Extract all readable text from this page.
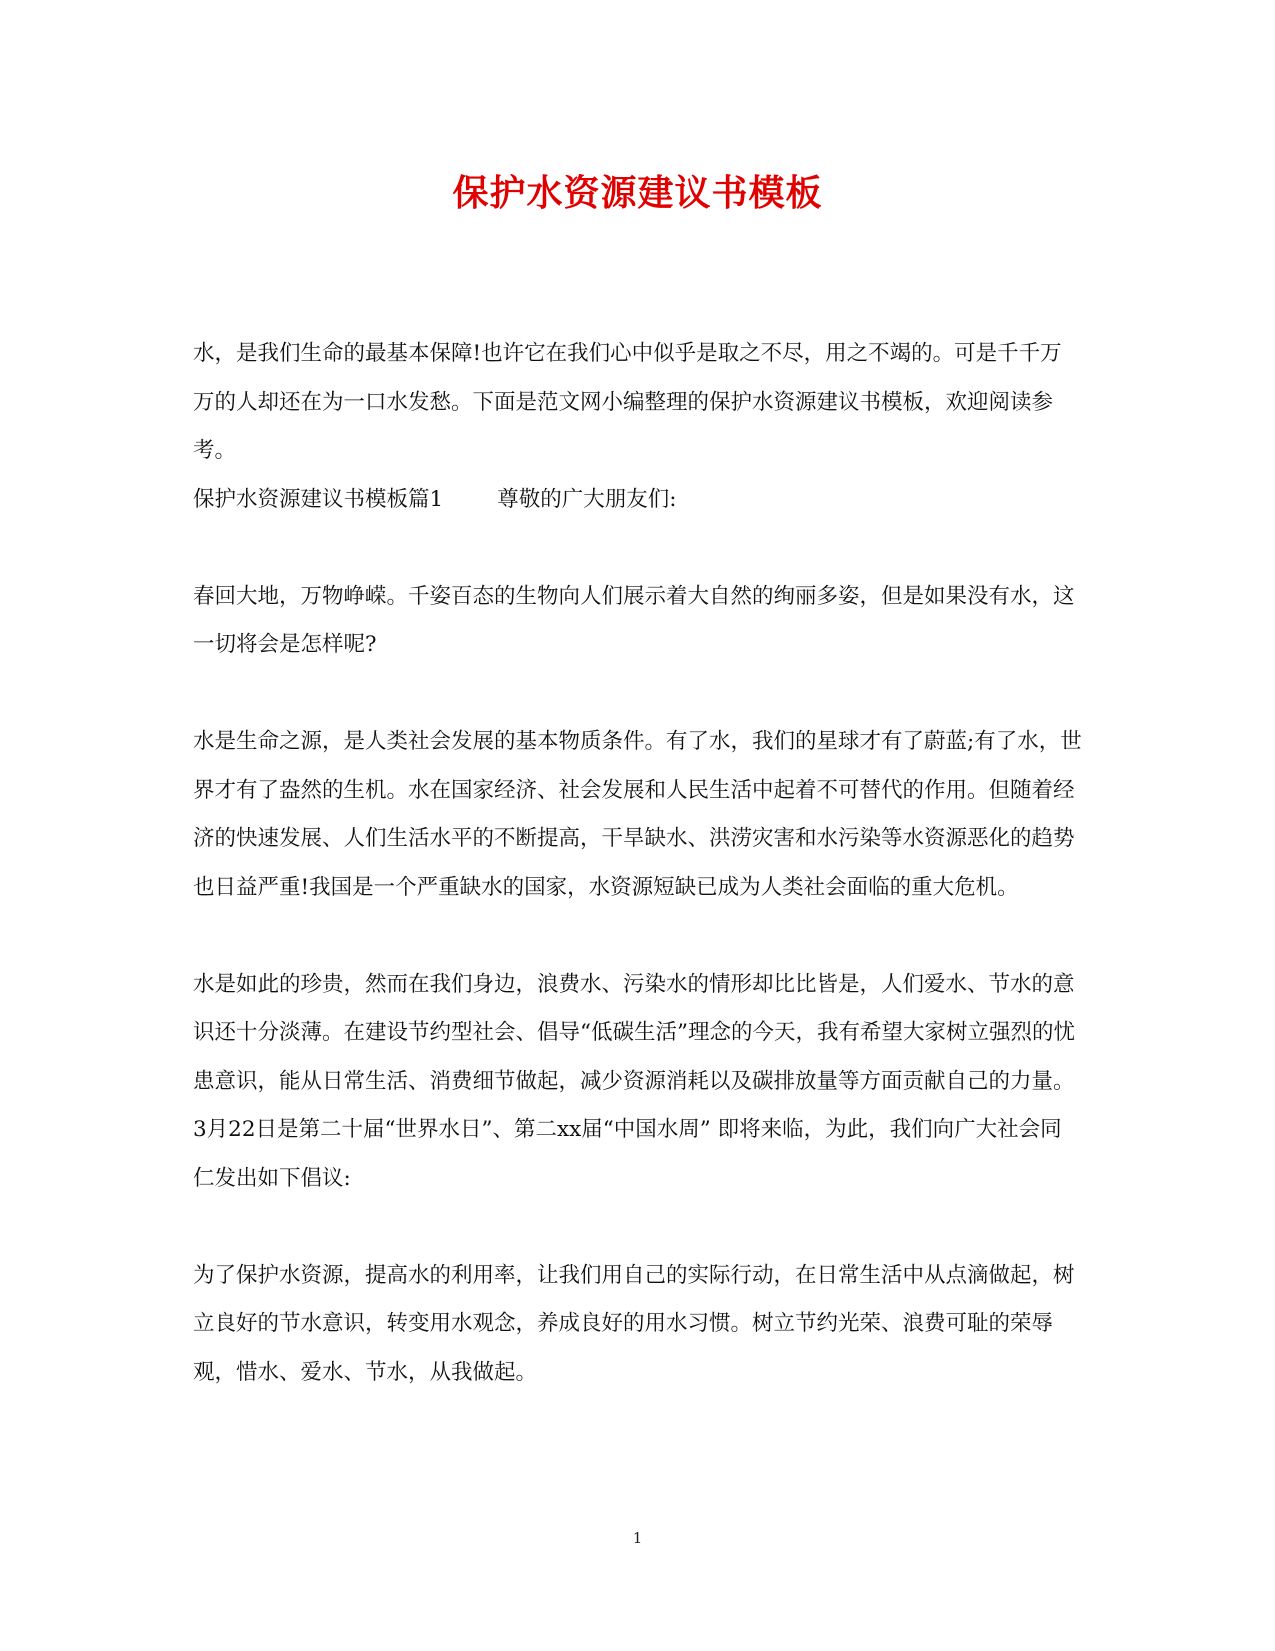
保护水资源建议书模板

水，是我们生命的最基本保障!也许它在我们心中似乎是取之不尽，用之不竭的。可是千千万万的人却还在为一口水发愁。下面是范文网小编整理的保护水资源建议书模板，欢迎阅读参考。

保护水资源建议书模板篇1	尊敬的广大朋友们:

春回大地，万物峥嵘。千姿百态的生物向人们展示着大自然的绚丽多姿，但是如果没有水，这一切将会是怎样呢?

水是生命之源，是人类社会发展的基本物质条件。有了水，我们的星球才有了蔚蓝;有了水，世界才有了盎然的生机。水在国家经济、社会发展和人民生活中起着不可替代的作用。但随着经济的快速发展、人们生活水平的不断提高，干旱缺水、洪涝灾害和水污染等水资源恶化的趋势也日益严重!我国是一个严重缺水的国家，水资源短缺已成为人类社会面临的重大危机。

水是如此的珍贵，然而在我们身边，浪费水、污染水的情形却比比皆是，人们爱水、节水的意识还十分淡薄。在建设节约型社会、倡导“低碳生活”理念的今天，我有希望大家树立强烈的忧患意识，能从日常生活、消费细节做起，减少资源消耗以及碳排放量等方面贡献自己的力量。3月22日是第二十届“世界水日”、第二xx届“中国水周” 即将来临，为此，我们向广大社会同仁发出如下倡议:

为了保护水资源，提高水的利用率，让我们用自己的实际行动，在日常生活中从点滴做起，树立良好的节水意识，转变用水观念，养成良好的用水习惯。树立节约光荣、浪费可耻的荣辱观，惜水、爱水、节水，从我做起。

1
